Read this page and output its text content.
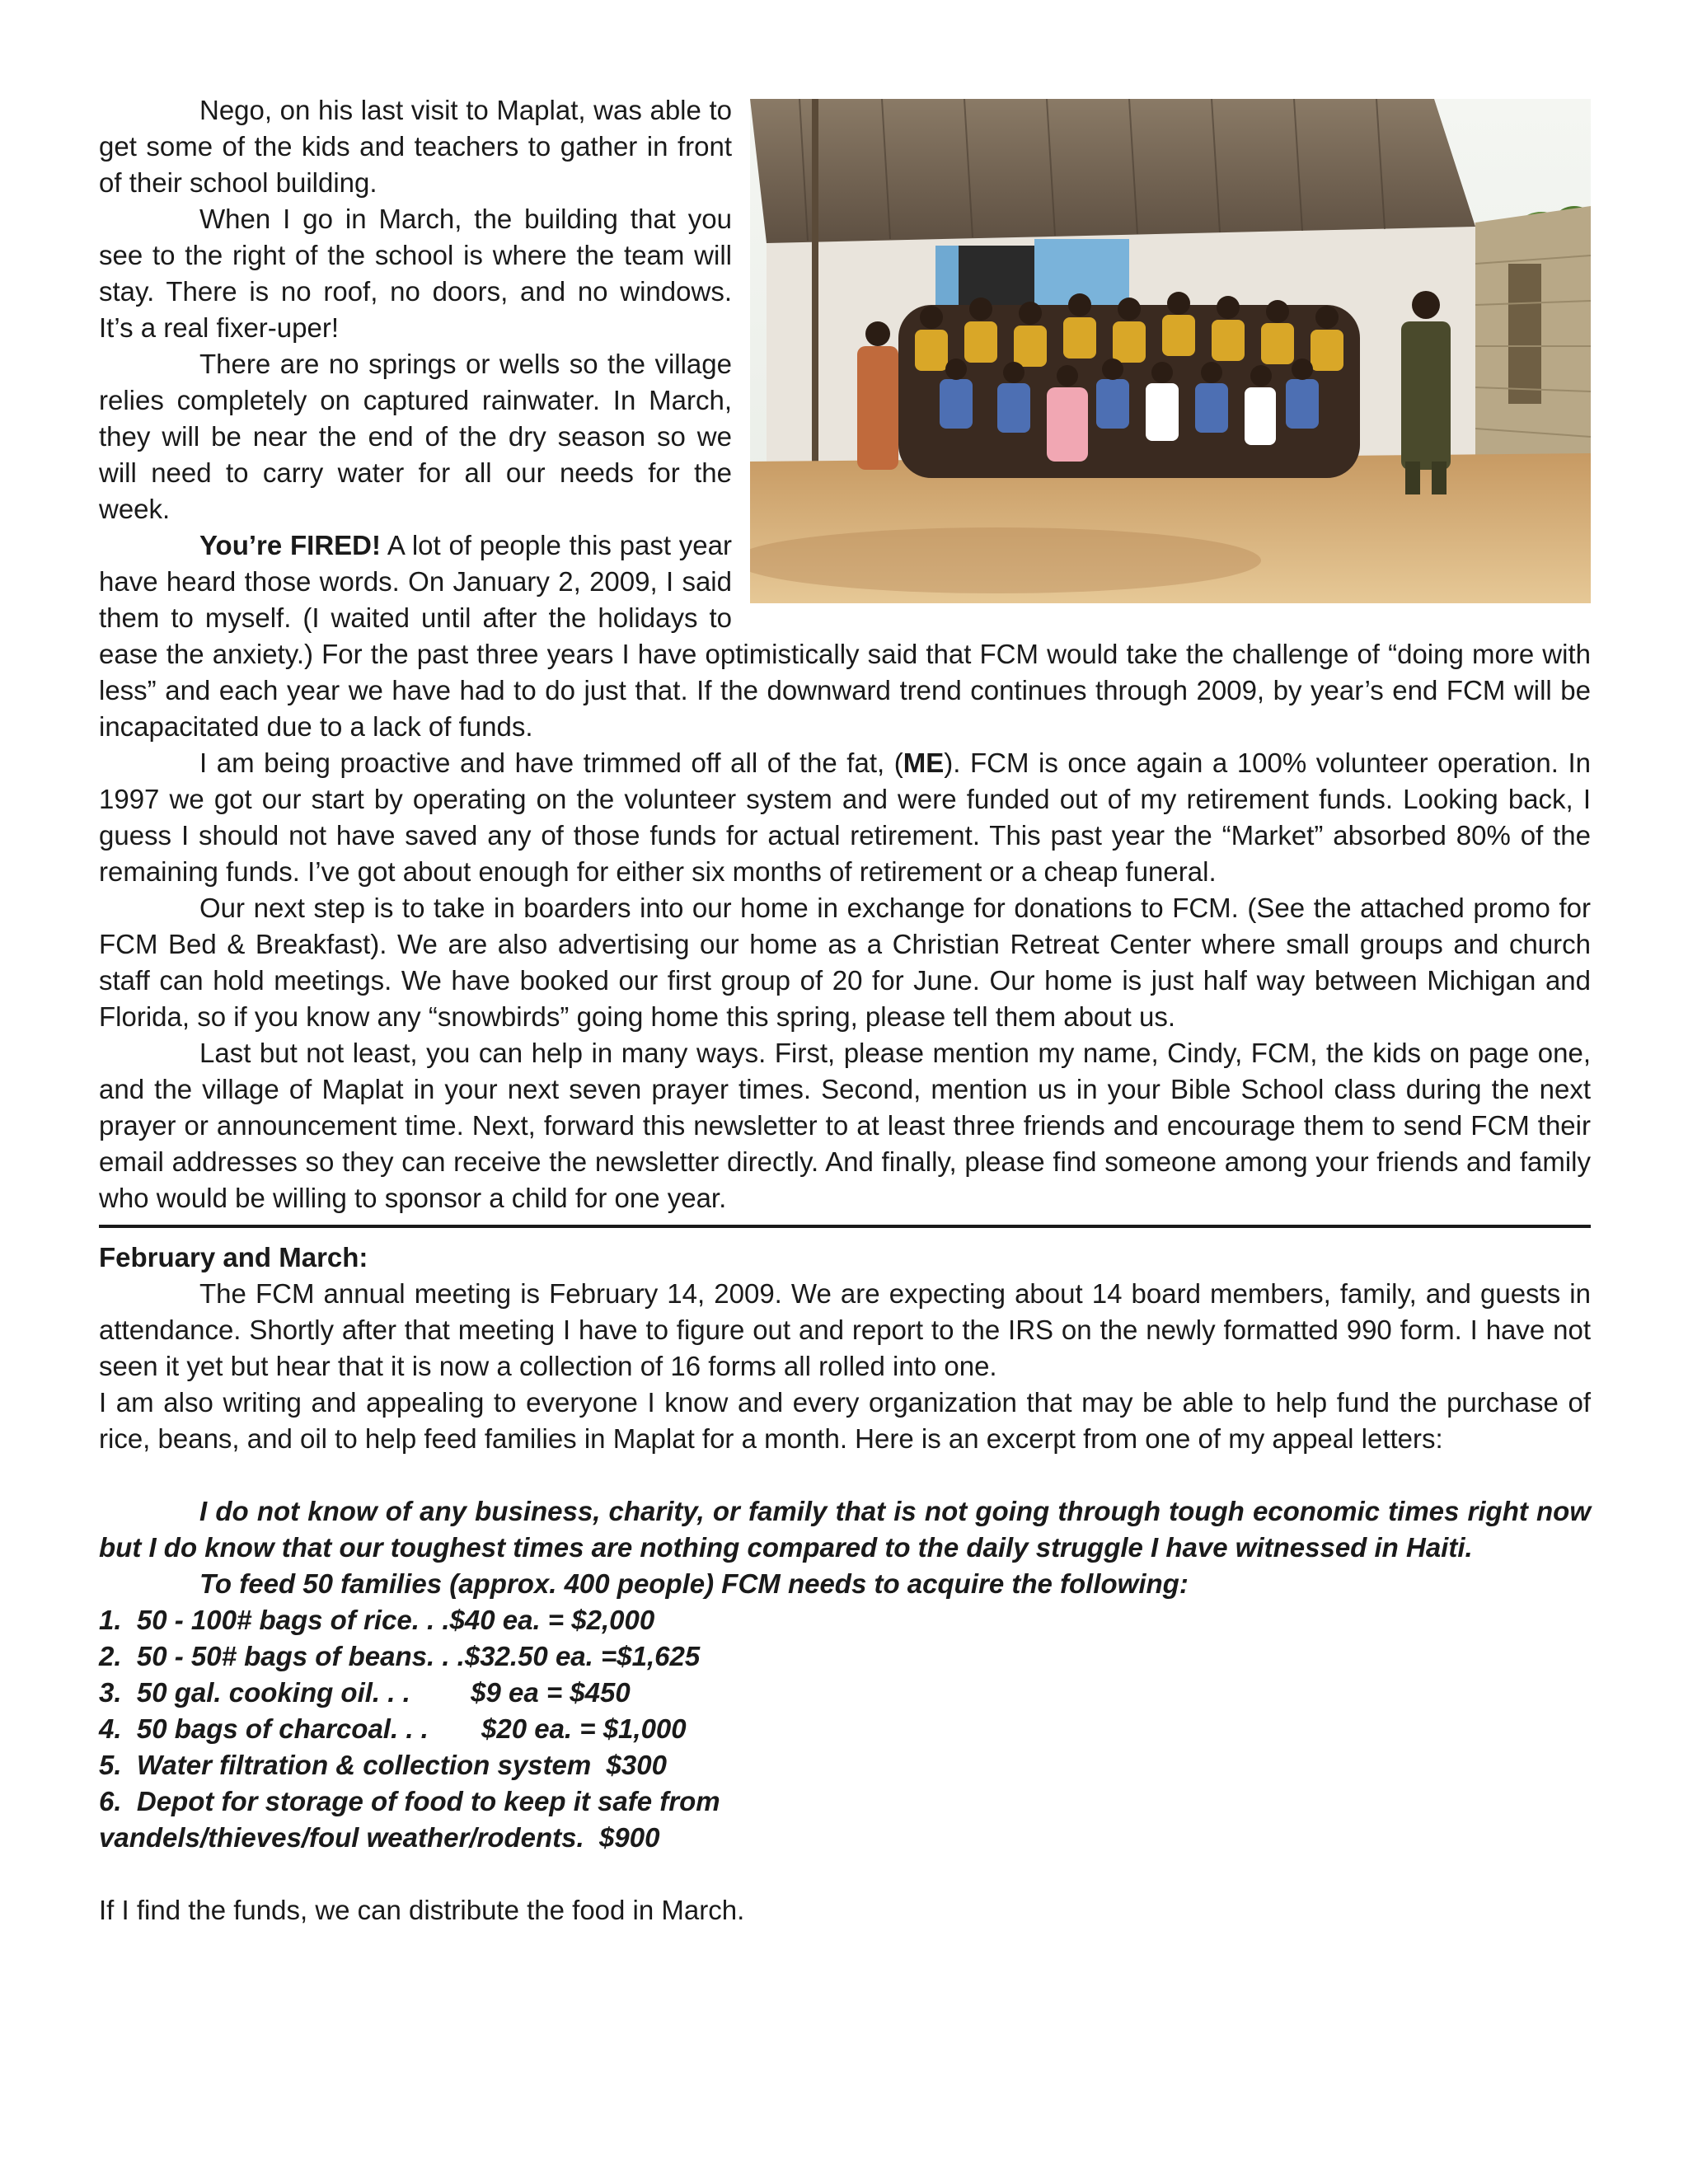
Nego, on his last visit to Maplat, was able to get some of the kids and teachers to gather in front of their school building.

When I go in March, the building that you see to the right of the school is where the team will stay. There is no roof, no doors, and no windows. It’s a real fixer-uper!

There are no springs or wells so the village relies completely on captured rainwater. In March, they will be near the end of the dry season so we will need to carry water for all our needs for the week.

You’re FIRED! A lot of people this past year have heard those words. On January 2, 2009, I said them to myself. (I waited until after the holidays to ease the anxiety.) For the past three years I have optimistically said that FCM would take the challenge of “doing more with less” and each year we have had to do just that. If the downward trend continues through 2009, by year’s end FCM will be incapacitated due to a lack of funds.

I am being proactive and have trimmed off all of the fat, (ME). FCM is once again a 100% volunteer operation. In 1997 we got our start by operating on the volunteer system and were funded out of my retirement funds. Looking back, I guess I should not have saved any of those funds for actual retirement. This past year the “Market” absorbed 80% of the remaining funds. I’ve got about enough for either six months of retirement or a cheap funeral.

Our next step is to take in boarders into our home in exchange for donations to FCM. (See the attached promo for FCM Bed & Breakfast). We are also advertising our home as a Christian Retreat Center where small groups and church staff can hold meetings. We have booked our first group of 20 for June. Our home is just half way between Michigan and Florida, so if you know any “snowbirds” going home this spring, please tell them about us.

Last but not least, you can help in many ways. First, please mention my name, Cindy, FCM, the kids on page one, and the village of Maplat in your next seven prayer times. Second, mention us in your Bible School class during the next prayer or announcement time. Next, forward this newsletter to at least three friends and encourage them to send FCM their email addresses so they can receive the newsletter directly. And finally, please find someone among your friends and family who would be willing to sponsor a child for one year.

February and March:

The FCM annual meeting is February 14, 2009. We are expecting about 14 board members, family, and guests in attendance. Shortly after that meeting I have to figure out and report to the IRS on the newly formatted 990 form. I have not seen it yet but hear that it is now a collection of 16 forms all rolled into one.

I am also writing and appealing to everyone I know and every organization that may be able to help fund the purchase of rice, beans, and oil to help feed families in Maplat for a month. Here is an excerpt from one of my appeal letters:

I do not know of any business, charity, or family that is not going through tough economic times right now but I do know that our toughest times are nothing compared to the daily struggle I have witnessed in Haiti.

To feed 50 families (approx. 400 people) FCM needs to acquire the following:

1.  50 - 100# bags of rice. . .$40 ea. = $2,000

2.  50 - 50# bags of beans. . .$32.50 ea. =$1,625

3.  50 gal. cooking oil. . .        $9 ea = $450

4.  50 bags of charcoal. . .       $20 ea. = $1,000

5.  Water filtration & collection system  $300

6.  Depot for storage of food to keep it safe from

vandels/thieves/foul weather/rodents.  $900

If I find the funds, we can distribute the food in March.
